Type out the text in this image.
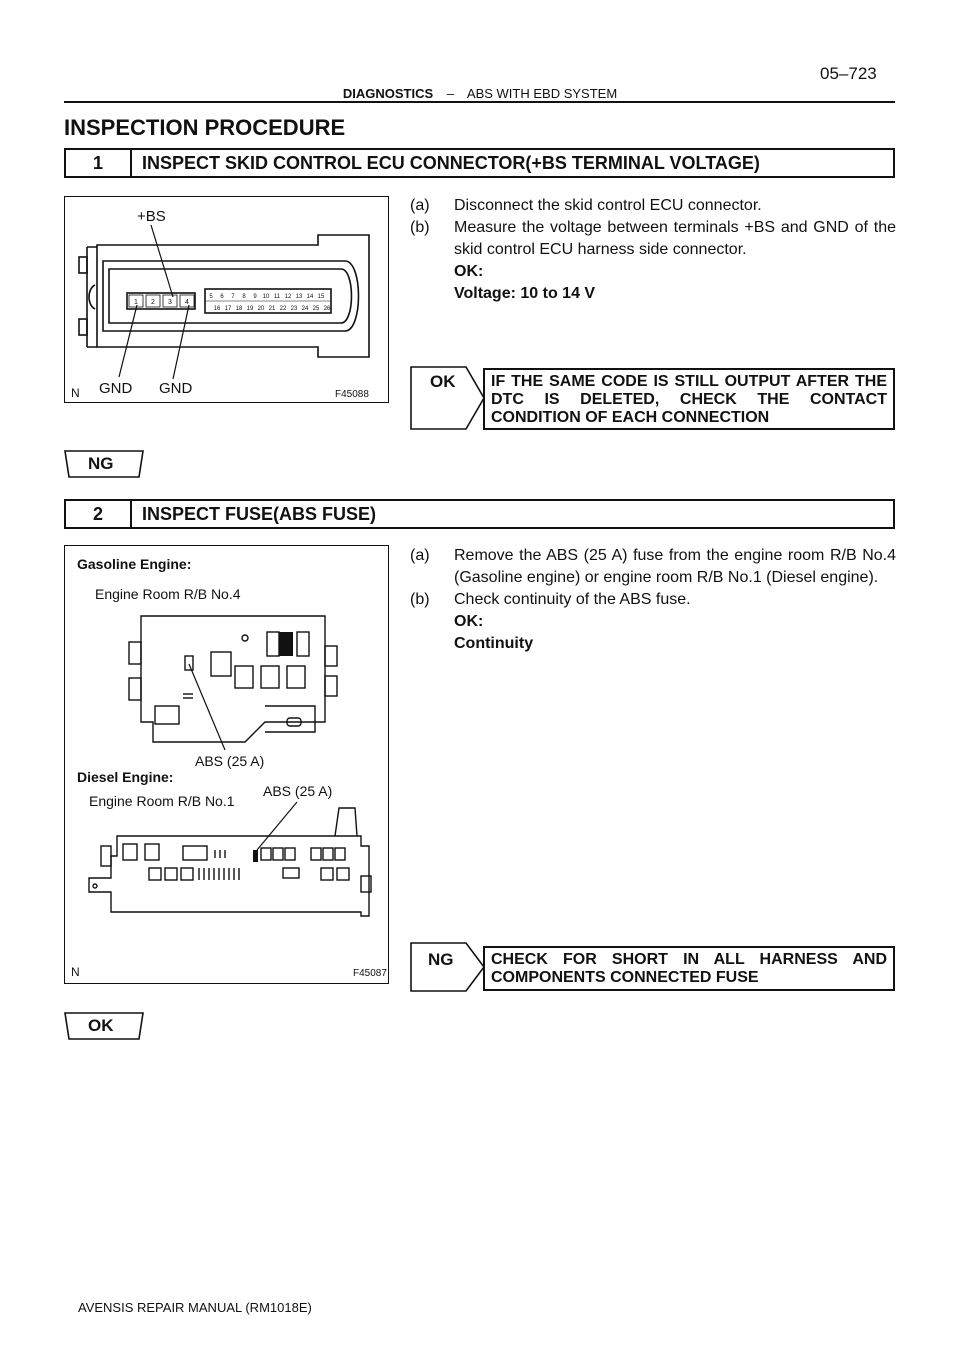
05–723
DIAGNOSTICS – ABS WITH EBD SYSTEM
INSPECTION PROCEDURE
1	INSPECT SKID CONTROL ECU CONNECTOR(+BS TERMINAL VOLTAGE)
1 2 3 4
5 6 7 8 9 10 11 12 13 14 15
16 17 18 19 20 21 22 23 24 25 26
+BS
GND GND
N	F45088
(a)	Disconnect the skid control ECU connector.
(b)	Measure the voltage between terminals +BS and GND of the skid control ECU harness side connector.
OK:
Voltage: 10 to 14 V
OK	IF THE SAME CODE IS STILL OUTPUT AFTER THE DTC IS DELETED, CHECK THE CONTACT CONDITION OF EACH CONNECTION
NG
2	INSPECT FUSE(ABS FUSE)
Gasoline Engine:
Engine Room R/B No.4
ABS (25 A)
Diesel Engine:
Engine Room R/B No.1
ABS (25 A)
N	F45087
(a)	Remove the ABS (25 A) fuse from the engine room R/B No.4 (Gasoline engine) or engine room R/B No.1 (Diesel engine).
(b)	Check continuity of the ABS fuse.
OK:
Continuity
NG	CHECK FOR SHORT IN ALL HARNESS AND COMPONENTS CONNECTED FUSE
OK
AVENSIS REPAIR MANUAL (RM1018E)
